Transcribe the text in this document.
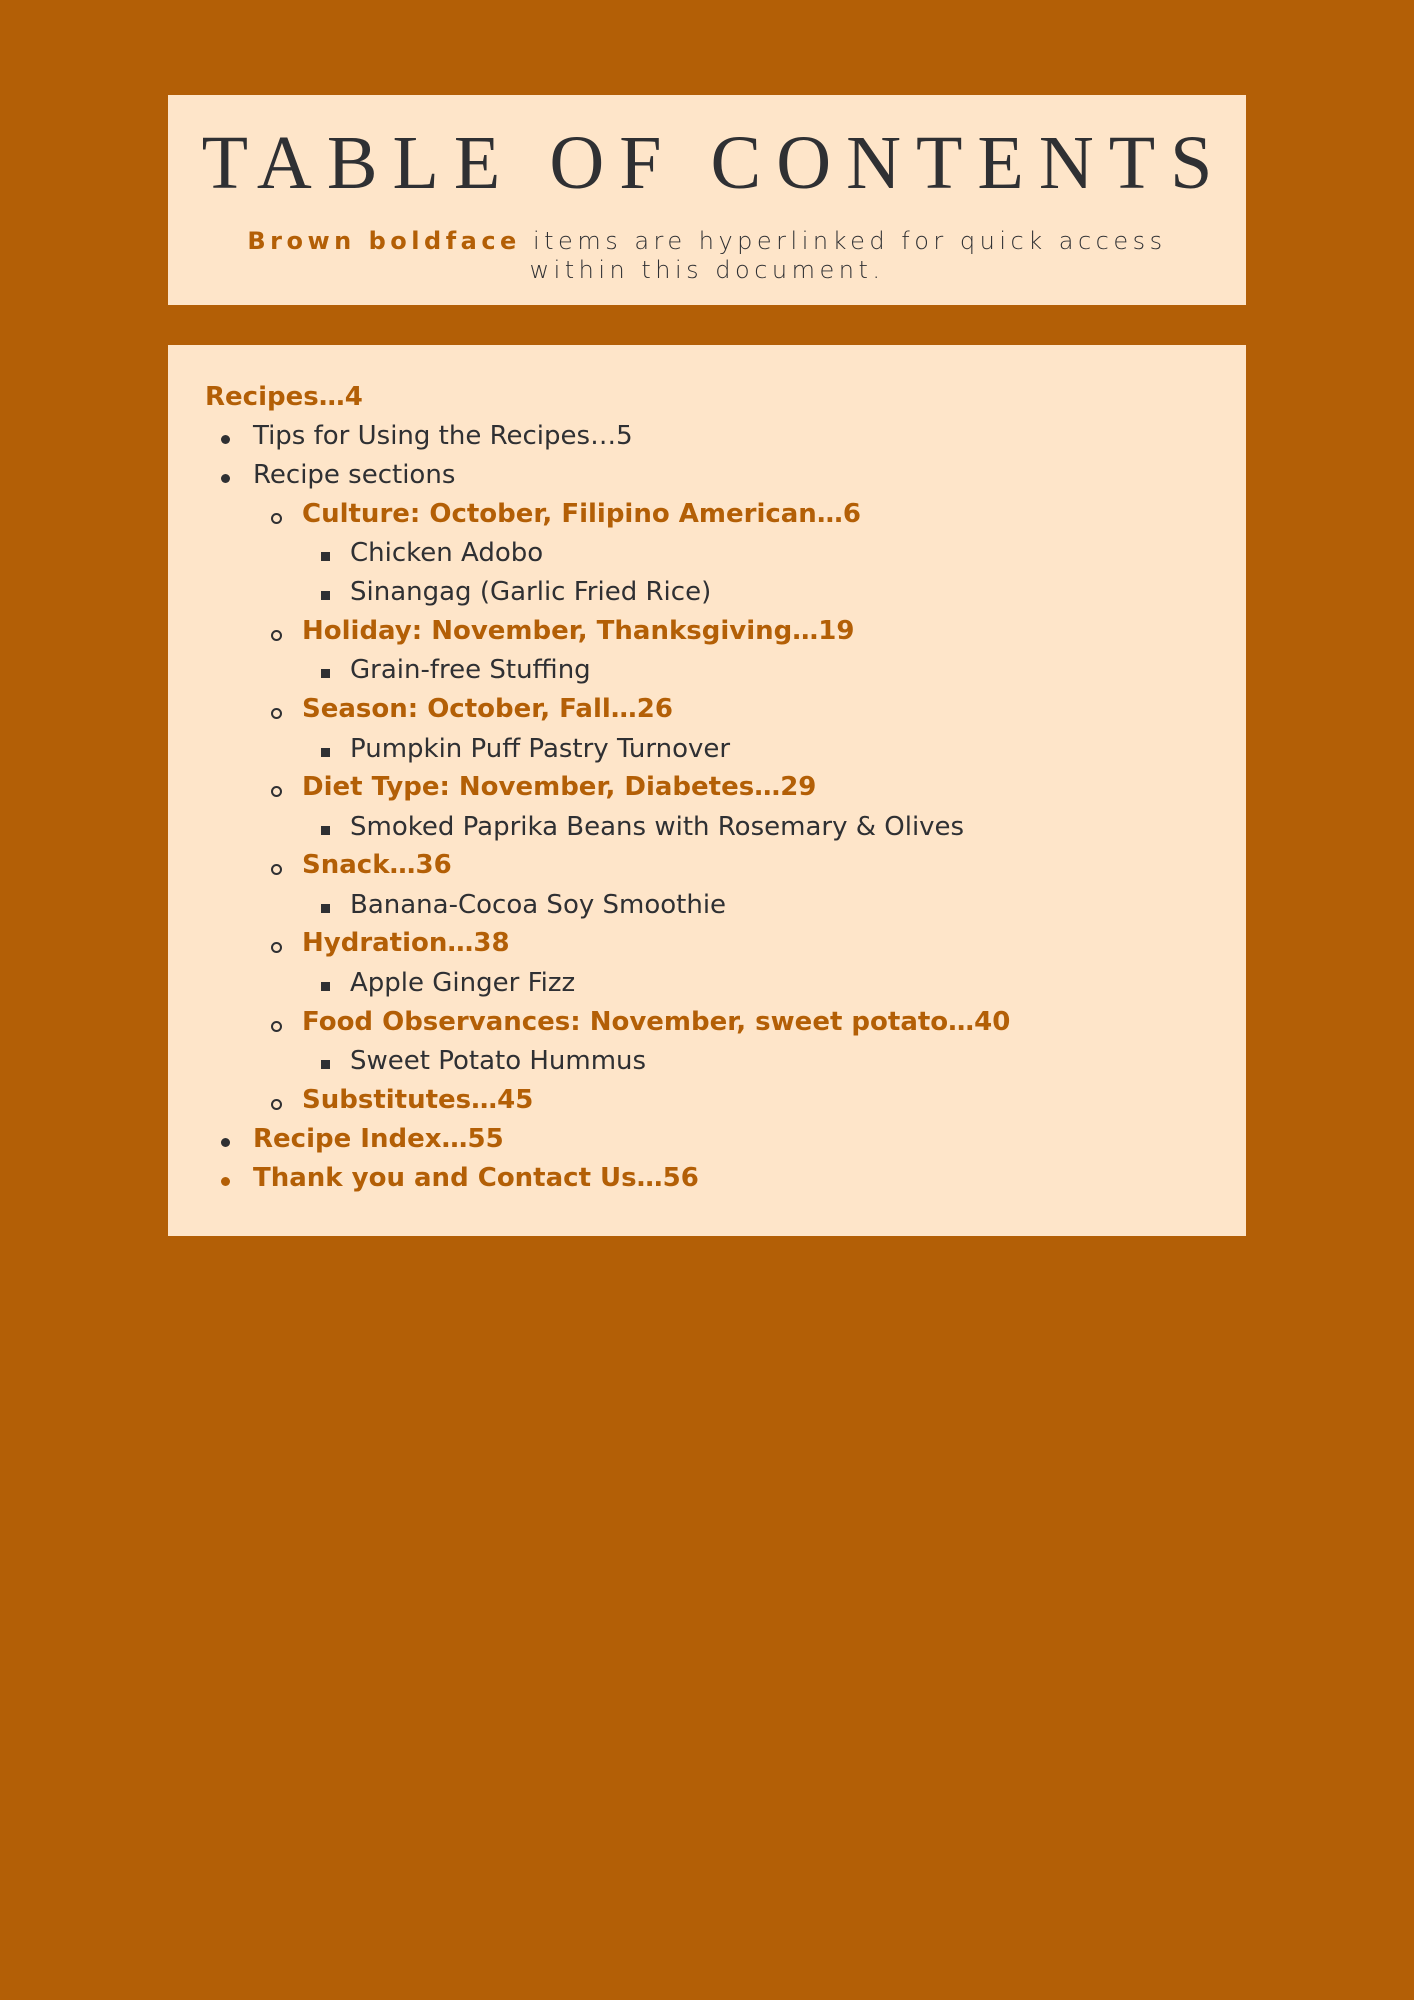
TABLE OF CONTENTS

Brown boldface items are hyperlinked for quick access within this document.

Recipes…4
Tips for Using the Recipes…5
Recipe sections
Culture: October, Filipino American…6
Chicken Adobo
Sinangag (Garlic Fried Rice)
Holiday: November, Thanksgiving…19
Grain-free Stuffing
Season: October, Fall…26
Pumpkin Puff Pastry Turnover
Diet Type: November, Diabetes…29
Smoked Paprika Beans with Rosemary & Olives
Snack…36
Banana-Cocoa Soy Smoothie
Hydration…38
Apple Ginger Fizz
Food Observances: November, sweet potato…40
Sweet Potato Hummus
Substitutes…45
Recipe Index…55
Thank you and Contact Us…56
